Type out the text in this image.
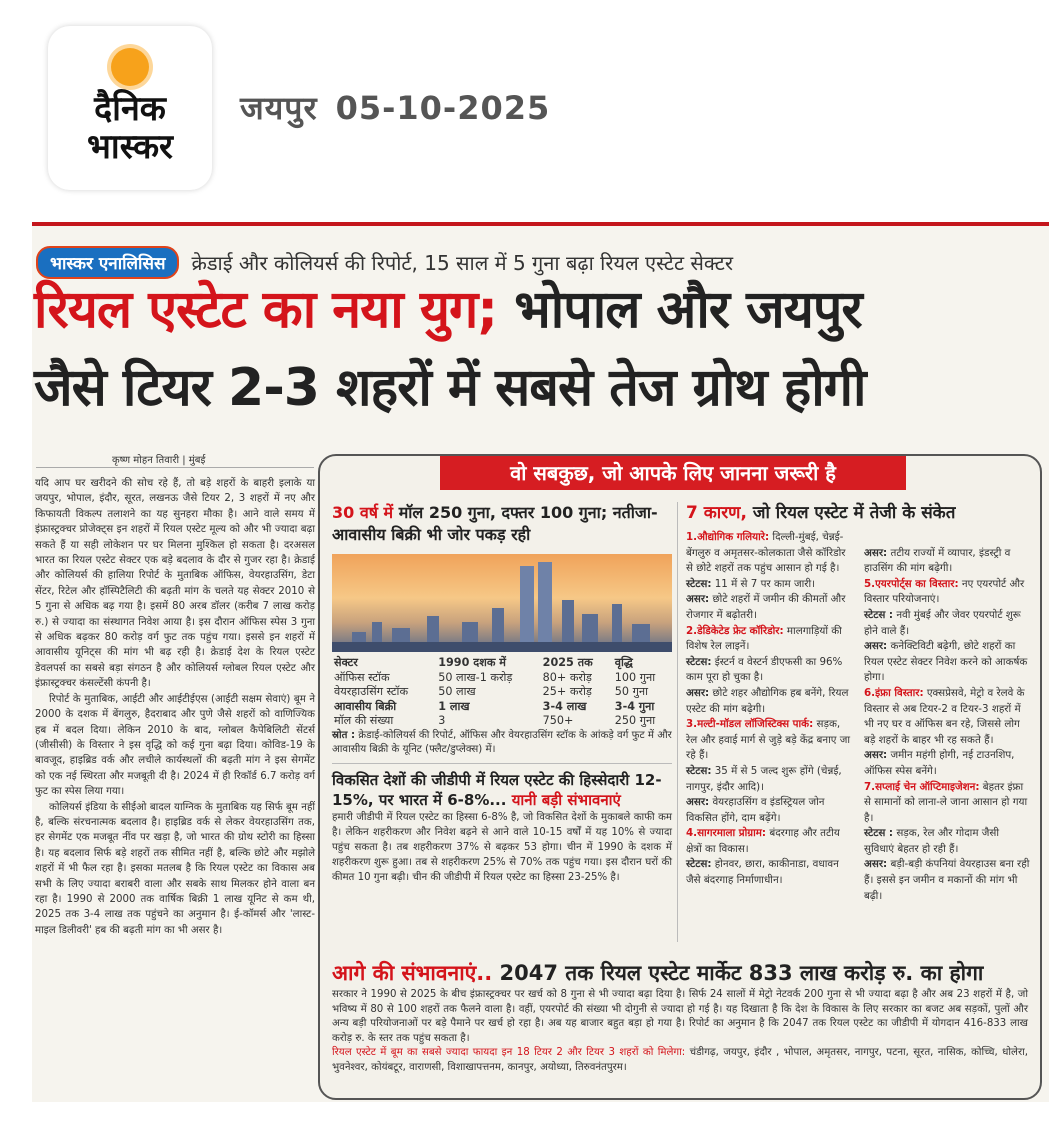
दैनिक
भास्कर
जयपुर 05-10-2025
भास्कर एनालिसिस	क्रेडाई और कोलियर्स की रिपोर्ट, 15 साल में 5 गुना बढ़ा रियल एस्टेट सेक्टर
रियल एस्टेट का नया युग; भोपाल और जयपुर
जैसे टियर 2-3 शहरों में सबसे तेज ग्रोथ होगी
कृष्ण मोहन तिवारी | मुंबई

यदि आप घर खरीदने की सोच रहे हैं, तो बड़े शहरों के बाहरी इलाके या जयपुर, भोपाल, इंदौर, सूरत, लखनऊ जैसे टियर 2, 3 शहरों में नए और किफायती विकल्प तलाशने का यह सुनहरा मौका है। आने वाले समय में इंफ्रास्ट्रक्चर प्रोजेक्ट्स इन शहरों में रियल एस्टेट मूल्य को और भी ज्यादा बढ़ा सकते हैं या सही लोकेशन पर घर मिलना मुश्किल हो सकता है। दरअसल भारत का रियल एस्टेट सेक्टर एक बड़े बदलाव के दौर से गुजर रहा है। क्रेडाई और कोलियर्स की हालिया रिपोर्ट के मुताबिक ऑफिस, वेयरहाउसिंग, डेटा सेंटर, रिटेल और हॉस्पिटैलिटी की बढ़ती मांग के चलते यह सेक्टर 2010 से 5 गुना से अधिक बढ़ गया है। इसमें 80 अरब डॉलर (करीब 7 लाख करोड़ रु.) से ज्यादा का संस्थागत निवेश आया है। इस दौरान ऑफिस स्पेस 3 गुना से अधिक बढ़कर 80 करोड़ वर्ग फुट तक पहुंच गया। इससे इन शहरों में आवासीय यूनिट्स की मांग भी बढ़ रही है। क्रेडाई देश के रियल एस्टेट डेवलपर्स का सबसे बड़ा संगठन है और कोलियर्स ग्लोबल रियल एस्टेट और इंफ्रास्ट्रक्चर कंसल्टेंसी कंपनी है।

रिपोर्ट के मुताबिक, आईटी और आईटीईएस (आईटी सक्षम सेवाएं) बूम ने 2000 के दशक में बेंगलुरु, हैदराबाद और पुणे जैसे शहरों को वाणिज्यिक हब में बदल दिया। लेकिन 2010 के बाद, ग्लोबल कैपेबिलिटी सेंटर्स (जीसीसी) के विस्तार ने इस वृद्धि को कई गुना बढ़ा दिया। कोविड-19 के बावजूद, हाइब्रिड वर्क और लचीले कार्यस्थलों की बढ़ती मांग ने इस सेगमेंट को एक नई स्थिरता और मजबूती दी है। 2024 में ही रिकॉर्ड 6.7 करोड़ वर्ग फुट का स्पेस लिया गया।

कोलियर्स इंडिया के सीईओ बादल याग्निक के मुताबिक यह सिर्फ बूम नहीं है, बल्कि संरचनात्मक बदलाव है। हाइब्रिड वर्क से लेकर वेयरहाउसिंग तक, हर सेगमेंट एक मजबूत नींव पर खड़ा है, जो भारत की ग्रोथ स्टोरी का हिस्सा है। यह बदलाव सिर्फ बड़े शहरों तक सीमित नहीं है, बल्कि छोटे और मझोले शहरों में भी फैल रहा है। इसका मतलब है कि रियल एस्टेट का विकास अब सभी के लिए ज्यादा बराबरी वाला और सबके साथ मिलकर होने वाला बन रहा है। 1990 से 2000 तक वार्षिक बिक्री 1 लाख यूनिट से कम थी, 2025 तक 3-4 लाख तक पहुंचने का अनुमान है। ई-कॉमर्स और 'लास्ट-माइल डिलीवरी' हब की बढ़ती मांग का भी असर है।

वो सबकुछ, जो आपके लिए जानना जरूरी है
30 वर्ष में मॉल 250 गुना, दफ्तर 100 गुना; नतीजा- आवासीय बिक्री भी जोर पकड़ रही
सेक्टर	1990 दशक में	2025 तक	वृद्धि
ऑफिस स्टॉक	50 लाख-1 करोड़	80+ करोड़	100 गुना
वेयरहाउसिंग स्टॉक	50 लाख	25+ करोड़	50 गुना
आवासीय बिक्री	1 लाख	3-4 लाख	3-4 गुना
मॉल की संख्या	3	750+	250 गुना
स्रोत : क्रेडाई-कोलियर्स की रिपोर्ट, ऑफिस और वेयरहाउसिंग स्टॉक के आंकड़े वर्ग फुट में और आवासीय बिक्री के यूनिट (फ्लैट/डुप्लेक्स) में।
विकसित देशों की जीडीपी में रियल एस्टेट की हिस्सेदारी 12-15%, पर भारत में 6-8%... यानी बड़ी संभावनाएं
हमारी जीडीपी में रियल एस्टेट का हिस्सा 6-8% है, जो विकसित देशों के मुकाबले काफी कम है। लेकिन शहरीकरण और निवेश बढ़ने से आने वाले 10-15 वर्षों में यह 10% से ज्यादा पहुंच सकता है। तब शहरीकरण 37% से बढ़कर 53 होगा। चीन में 1990 के दशक में शहरीकरण शुरू हुआ। तब से शहरीकरण 25% से 70% तक पहुंच गया। इस दौरान घरों की कीमत 10 गुना बढ़ी। चीन की जीडीपी में रियल एस्टेट का हिस्सा 23-25% है।
7 कारण, जो रियल एस्टेट में तेजी के संकेत
1.औद्योगिक गलियारे: दिल्ली-मुंबई, चेन्नई-बेंगलुरु व अमृतसर-कोलकाता जैसे कॉरिडोर से छोटे शहरों तक पहुंच आसान हो गई है।
स्टेटस: 11 में से 7 पर काम जारी।
असर: छोटे शहरों में जमीन की कीमतों और रोजगार में बढ़ोतरी।
2.डेडिकेटेड फ्रेट कॉरिडोर: मालगाड़ियों की विशेष रेल लाइनें।
स्टेटस: ईस्टर्न व वेस्टर्न डीएफसी का 96% काम पूरा हो चुका है।
असर: छोटे शहर औद्योगिक हब बनेंगे, रियल एस्टेट की मांग बढ़ेगी।
3.मल्टी-मॉडल लॉजिस्टिक्स पार्क: सड़क, रेल और हवाई मार्ग से जुड़े बड़े केंद्र बनाए जा रहे हैं।
स्टेटस: 35 में से 5 जल्द शुरू होंगे (चेन्नई, नागपुर, इंदौर आदि)।
असर: वेयरहाउसिंग व इंडस्ट्रियल जोन विकसित होंगे, दाम बढ़ेंगे।
4.सागरमाला प्रोग्राम: बंदरगाह और तटीय क्षेत्रों का विकास।
स्टेटस: होनवर, छारा, काकीनाडा, वधावन जैसे बंदरगाह निर्माणाधीन।

असर: तटीय राज्यों में व्यापार, इंडस्ट्री व हाउसिंग की मांग बढ़ेगी।
5.एयरपोर्ट्स का विस्तार: नए एयरपोर्ट और विस्तार परियोजनाएं।
स्टेटस : नवी मुंबई और जेवर एयरपोर्ट शुरू होने वाले हैं।
असर: कनेक्टिविटी बढ़ेगी, छोटे शहरों का रियल एस्टेट सेक्टर निवेश करने को आकर्षक होगा।
6.इंफ्रा विस्तार: एक्सप्रेसवे, मेट्रो व रेलवे के विस्तार से अब टियर-2 व टियर-3 शहरों में भी नए घर व ऑफिस बन रहे, जिससे लोग बड़े शहरों के बाहर भी रह सकते हैं।
असर: जमीन महंगी होगी, नई टाउनशिप, ऑफिस स्पेस बनेंगे।
7.सप्लाई चेन ऑप्टिमाइजेशन: बेहतर इंफ्रा से सामानों को लाना-ले जाना आसान हो गया है।
स्टेटस : सड़क, रेल और गोदाम जैसी सुविधाएं बेहतर हो रही हैं।
असर: बड़ी-बड़ी कंपनियां वेयरहाउस बना रही हैं। इससे इन जमीन व मकानों की मांग भी बढ़ी।
आगे की संभावनाएं.. 2047 तक रियल एस्टेट मार्केट 833 लाख करोड़ रु. का होगा
सरकार ने 1990 से 2025 के बीच इंफ्रास्ट्रक्चर पर खर्च को 8 गुना से भी ज्यादा बढ़ा दिया है। सिर्फ 24 सालों में मेट्रो नेटवर्क 200 गुना से भी ज्यादा बढ़ा है और अब 23 शहरों में है, जो भविष्य में 80 से 100 शहरों तक फैलने वाला है। वहीं, एयरपोर्ट की संख्या भी दोगुनी से ज्यादा हो गई है। यह दिखाता है कि देश के विकास के लिए सरकार का बजट अब सड़कों, पुलों और अन्य बड़ी परियोजनाओं पर बड़े पैमाने पर खर्च हो रहा है। अब यह बाजार बहुत बड़ा हो गया है। रिपोर्ट का अनुमान है कि 2047 तक रियल एस्टेट का जीडीपी में योगदान 416-833 लाख करोड़ रु. के स्तर तक पहुंच सकता है।
रियल एस्टेट में बूम का सबसे ज्यादा फायदा इन 18 टियर 2 और टियर 3 शहरों को मिलेगा: चंडीगढ़, जयपुर, इंदौर , भोपाल, अमृतसर, नागपुर, पटना, सूरत, नासिक, कोच्चि, धोलेरा, भुवनेश्वर, कोयंबटूर, वाराणसी, विशाखापत्तनम, कानपुर, अयोध्या, तिरुवनंतपुरम।
